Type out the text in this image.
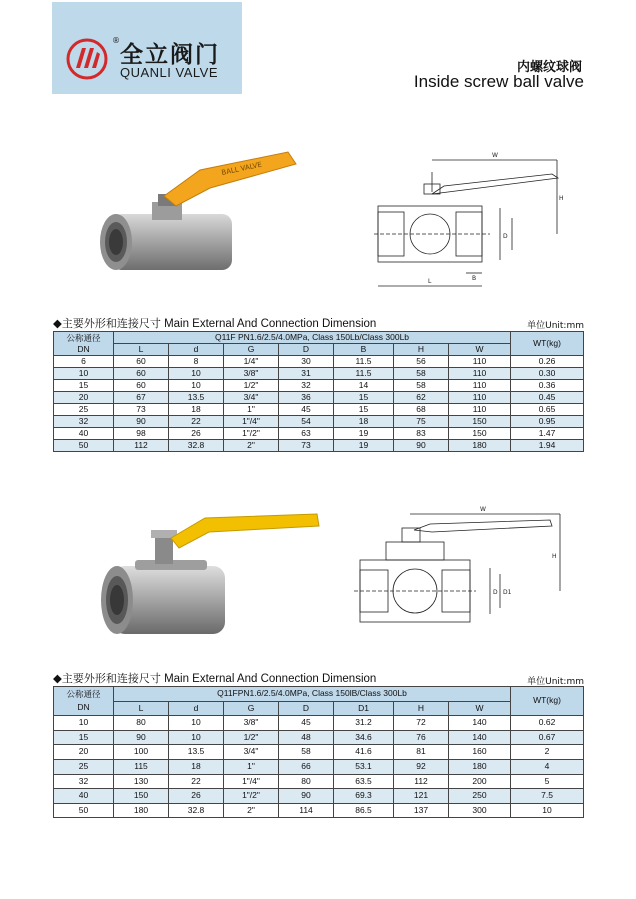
®
全立阀门
QUANLI VALVE	内螺纹球阀
Inside screw ball valve
BALL VALVE
W
L	B
D
H
◆主要外形和连接尺寸 Main External And Connection Dimension	单位Unit:mm
公称通径
DN	Q11F PN1.6/2.5/4.0MPa, Class 150Lb/Class 300Lb							WT(kg)
	L	d	G	D	B	H	W	
6	60	8	1/4"	30	11.5	56	110	0.26
10	60	10	3/8"	31	11.5	58	110	0.30
15	60	10	1/2"	32	14	58	110	0.36
20	67	13.5	3/4"	36	15	62	110	0.45
25	73	18	1"	45	15	68	110	0.65
32	90	22	1"/4"	54	18	75	150	0.95
40	98	26	1"/2"	63	19	83	150	1.47
50	112	32.8	2"	73	19	90	180	1.94
W
D D1
H
◆主要外形和连接尺寸 Main External And Connection Dimension	单位Unit:mm
公称通径
DN	Q11FPN1.6/2.5/4.0MPa, Class 150lB/Class 300Lb							WT(kg)
	L	d	G	D	D1	H	W	
10	80	10	3/8"	45	31.2	72	140	0.62
15	90	10	1/2"	48	34.6	76	140	0.67
20	100	13.5	3/4"	58	41.6	81	160	2
25	115	18	1"	66	53.1	92	180	4
32	130	22	1"/4"	80	63.5	112	200	5
40	150	26	1"/2"	90	69.3	121	250	7.5
50	180	32.8	2"	114	86.5	137	300	10
